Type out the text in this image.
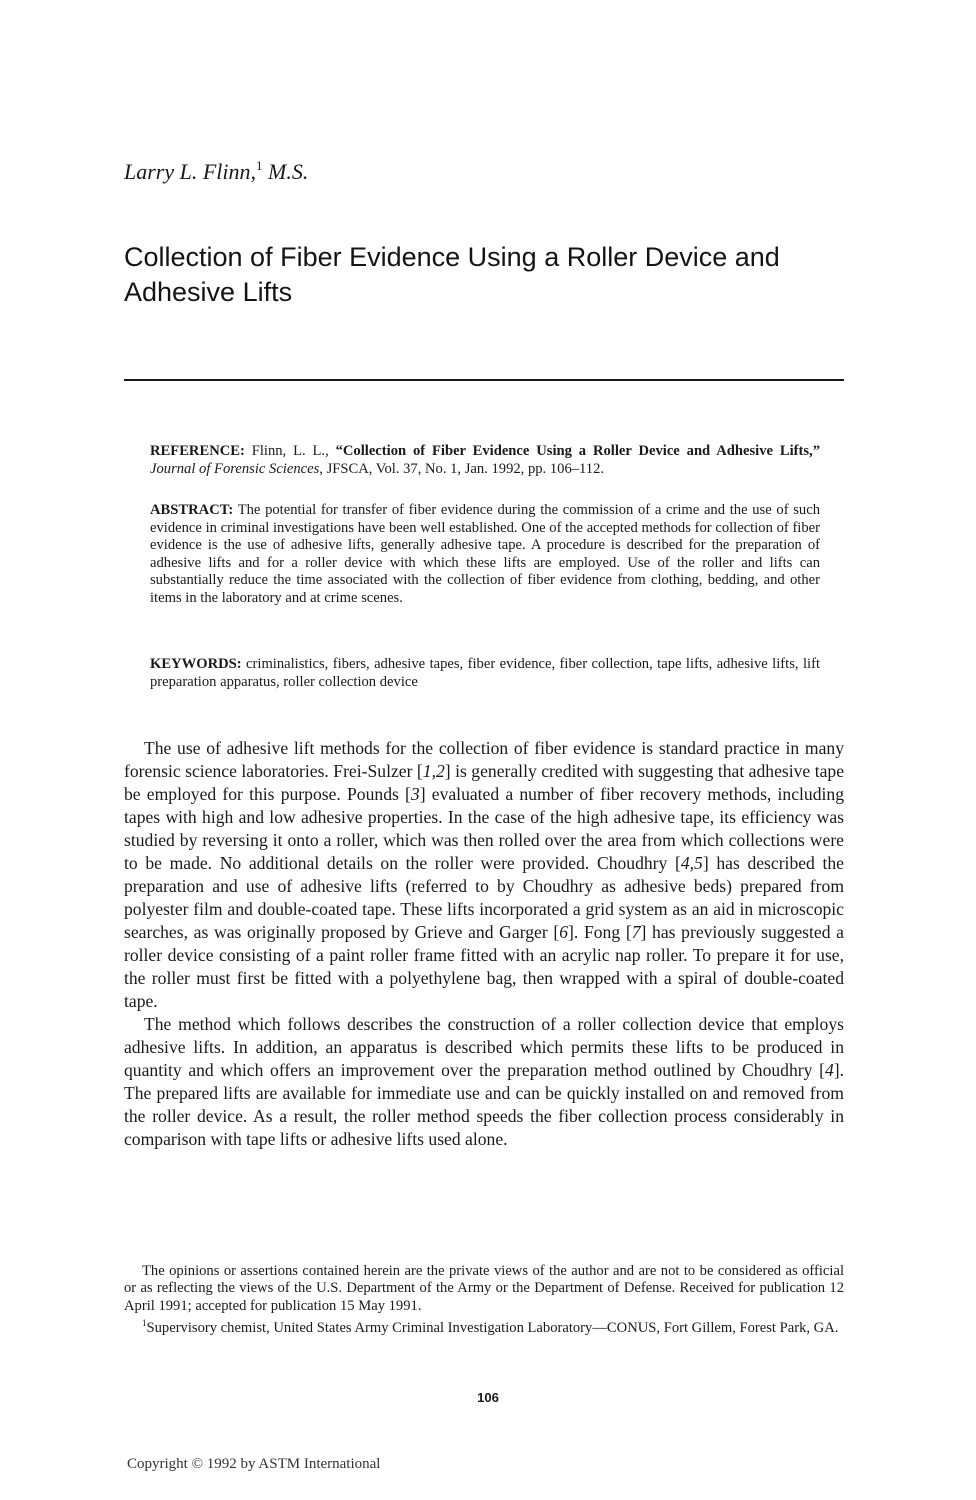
Larry L. Flinn,$^1$ M.S.
Collection of Fiber Evidence Using a Roller Device and Adhesive Lifts
REFERENCE: Flinn, L. L., “Collection of Fiber Evidence Using a Roller Device and Adhesive Lifts,” Journal of Forensic Sciences, JFSCA, Vol. 37, No. 1, Jan. 1992, pp. 106–112.
ABSTRACT: The potential for transfer of fiber evidence during the commission of a crime and the use of such evidence in criminal investigations have been well established. One of the accepted methods for collection of fiber evidence is the use of adhesive lifts, generally adhesive tape. A procedure is described for the preparation of adhesive lifts and for a roller device with which these lifts are employed. Use of the roller and lifts can substantially reduce the time associated with the collection of fiber evidence from clothing, bedding, and other items in the laboratory and at crime scenes.
KEYWORDS: criminalistics, fibers, adhesive tapes, fiber evidence, fiber collection, tape lifts, adhesive lifts, lift preparation apparatus, roller collection device

The use of adhesive lift methods for the collection of fiber evidence is standard practice in many forensic science laboratories. Frei-Sulzer [1,2] is generally credited with suggesting that adhesive tape be employed for this purpose. Pounds [3] evaluated a number of fiber recovery methods, including tapes with high and low adhesive properties. In the case of the high adhesive tape, its efficiency was studied by reversing it onto a roller, which was then rolled over the area from which collections were to be made. No additional details on the roller were provided. Choudhry [4,5] has described the preparation and use of adhesive lifts (referred to by Choudhry as adhesive beds) prepared from polyester film and double-coated tape. These lifts incorporated a grid system as an aid in microscopic searches, as was originally proposed by Grieve and Garger [6]. Fong [7] has previously suggested a roller device consisting of a paint roller frame fitted with an acrylic nap roller. To prepare it for use, the roller must first be fitted with a polyethylene bag, then wrapped with a spiral of double-coated tape.

The method which follows describes the construction of a roller collection device that employs adhesive lifts. In addition, an apparatus is described which permits these lifts to be produced in quantity and which offers an improvement over the preparation method outlined by Choudhry [4]. The prepared lifts are available for immediate use and can be quickly installed on and removed from the roller device. As a result, the roller method speeds the fiber collection process considerably in comparison with tape lifts or adhesive lifts used alone.

The opinions or assertions contained herein are the private views of the author and are not to be considered as official or as reflecting the views of the U.S. Department of the Army or the Department of Defense. Received for publication 12 April 1991; accepted for publication 15 May 1991.

$^1$Supervisory chemist, United States Army Criminal Investigation Laboratory—CONUS, Fort Gillem, Forest Park, GA.

106
Copyright © 1992 by ASTM International
